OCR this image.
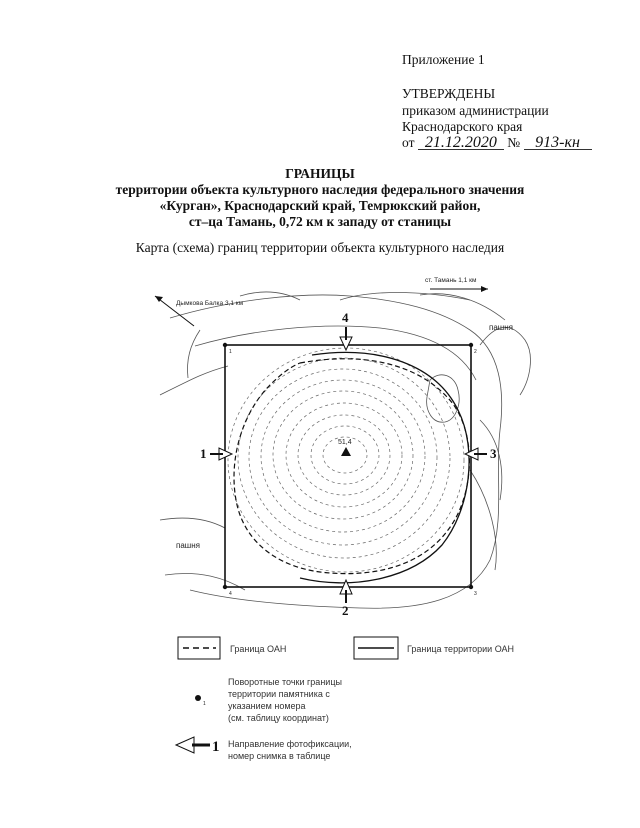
Приложение 1
УТВЕРЖДЕНЫ
приказом администрации
Краснодарского края
от 21.12.2020 № 913-кн
ГРАНИЦЫ
территории объекта культурного наследия федерального значения
«Курган», Краснодарский край, Темрюкский район,
ст–ца Тамань, 0,72 км к западу от станицы
Карта (схема) границ территории объекта культурного наследия
1	2
3
4
51,4
Дымкова Балка 3,1 км
ст. Тамань 1,1 км
пашня
пашня
4
2
1	3
1
1
Граница ОАН	Граница территории ОАН
Поворотные точки границы
территории памятника с
указанием номера
(см. таблицу координат)
Направление фотофиксации,
номер снимка в таблице
